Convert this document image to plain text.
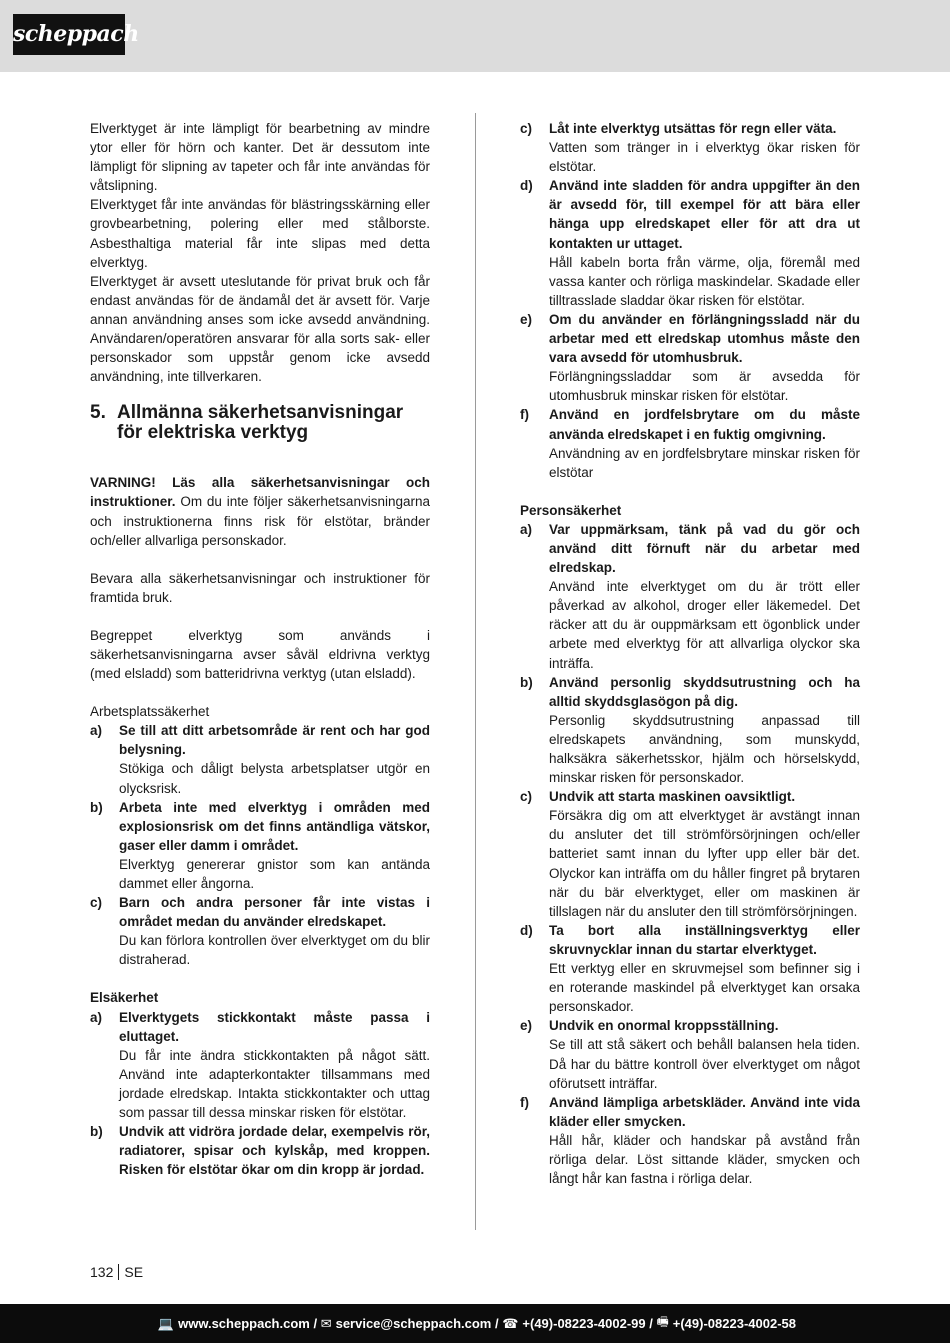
scheppach

Elverktyget är inte lämpligt för bearbetning av mindre ytor eller för hörn och kanter. Det är dessutom inte lämpligt för slipning av tapeter och får inte användas för våtslipning.

Elverktyget får inte användas för blästringsskärning eller grovbearbetning, polering eller med stålborste. Asbesthaltiga material får inte slipas med detta elverktyg.

Elverktyget är avsett uteslutande för privat bruk och får endast användas för de ändamål det är avsett för. Varje annan användning anses som icke avsedd användning. Användaren/operatören ansvarar för alla sorts sak- eller personskador som uppstår genom icke avsedd användning, inte tillverkaren.

5. Allmänna säkerhetsanvisningar för elektriska verktyg

VARNING! Läs alla säkerhetsanvisningar och instruktioner. Om du inte följer säkerhetsanvisningarna och instruktionerna finns risk för elstötar, bränder och/eller allvarliga personskador.

Bevara alla säkerhetsanvisningar och instruktioner för framtida bruk.

Begreppet elverktyg som används i säkerhetsanvisningarna avser såväl eldrivna verktyg (med elsladd) som batteridrivna verktyg (utan elsladd).

Arbetsplatssäkerhet

a)	Se till att ditt arbetsområde är rent och har god belysning.

Stökiga och dåligt belysta arbetsplatser utgör en olycksrisk.

b)	Arbeta inte med elverktyg i områden med explosionsrisk om det finns antändliga vätskor, gaser eller damm i området.

Elverktyg genererar gnistor som kan antända dammet eller ångorna.

c)	Barn och andra personer får inte vistas i området medan du använder elredskapet.

Du kan förlora kontrollen över elverktyget om du blir distraherad.

Elsäkerhet

a)	Elverktygets stickkontakt måste passa i eluttaget.

Du får inte ändra stickkontakten på något sätt. Använd inte adapterkontakter tillsammans med jordade elredskap. Intakta stickkontakter och uttag som passar till dessa minskar risken för elstötar.

b)	Undvik att vidröra jordade delar, exempelvis rör, radiatorer, spisar och kylskåp, med kroppen. Risken för elstötar ökar om din kropp är jordad.

c)	Låt inte elverktyg utsättas för regn eller väta.

Vatten som tränger in i elverktyg ökar risken för elstötar.

d)	Använd inte sladden för andra uppgifter än den är avsedd för, till exempel för att bära eller hänga upp elredskapet eller för att dra ut kontakten ur uttaget.

Håll kabeln borta från värme, olja, föremål med vassa kanter och rörliga maskindelar. Skadade eller tilltrasslade sladdar ökar risken för elstötar.

e)	Om du använder en förlängningssladd när du arbetar med ett elredskap utomhus måste den vara avsedd för utomhusbruk.

Förlängningssladdar som är avsedda för utomhusbruk minskar risken för elstötar.

f)	Använd en jordfelsbrytare om du måste använda elredskapet i en fuktig omgivning.

Användning av en jordfelsbrytare minskar risken för elstötar

Personsäkerhet

a)	Var uppmärksam, tänk på vad du gör och använd ditt förnuft när du arbetar med elredskap.

Använd inte elverktyget om du är trött eller påverkad av alkohol, droger eller läkemedel. Det räcker att du är ouppmärksam ett ögonblick under arbete med elverktyg för att allvarliga olyckor ska inträffa.

b)	Använd personlig skyddsutrustning och ha alltid skyddsglasögon på dig.

Personlig skyddsutrustning anpassad till elredskapets användning, som munskydd, halksäkra säkerhetsskor, hjälm och hörselskydd, minskar risken för personskador.

c)	Undvik att starta maskinen oavsiktligt.

Försäkra dig om att elverktyget är avstängt innan du ansluter det till strömförsörjningen och/eller batteriet samt innan du lyfter upp eller bär det. Olyckor kan inträffa om du håller fingret på brytaren när du bär elverktyget, eller om maskinen är tillslagen när du ansluter den till strömförsörjningen.

d)	Ta bort alla inställningsverktyg eller skruvnycklar innan du startar elverktyget.

Ett verktyg eller en skruvmejsel som befinner sig i en roterande maskindel på elverktyget kan orsaka personskador.

e)	Undvik en onormal kroppsställning.

Se till att stå säkert och behåll balansen hela tiden. Då har du bättre kontroll över elverktyget om något oförutsett inträffar.

f)	Använd lämpliga arbetskläder. Använd inte vida kläder eller smycken.

Håll hår, kläder och handskar på avstånd från rörliga delar. Löst sittande kläder, smycken och långt hår kan fastna i rörliga delar.

132 SE
💻 www.scheppach.com /
✉ service@scheppach.com /
☎ +(49)-08223-4002-99 /
🖷 +(49)-08223-4002-58
